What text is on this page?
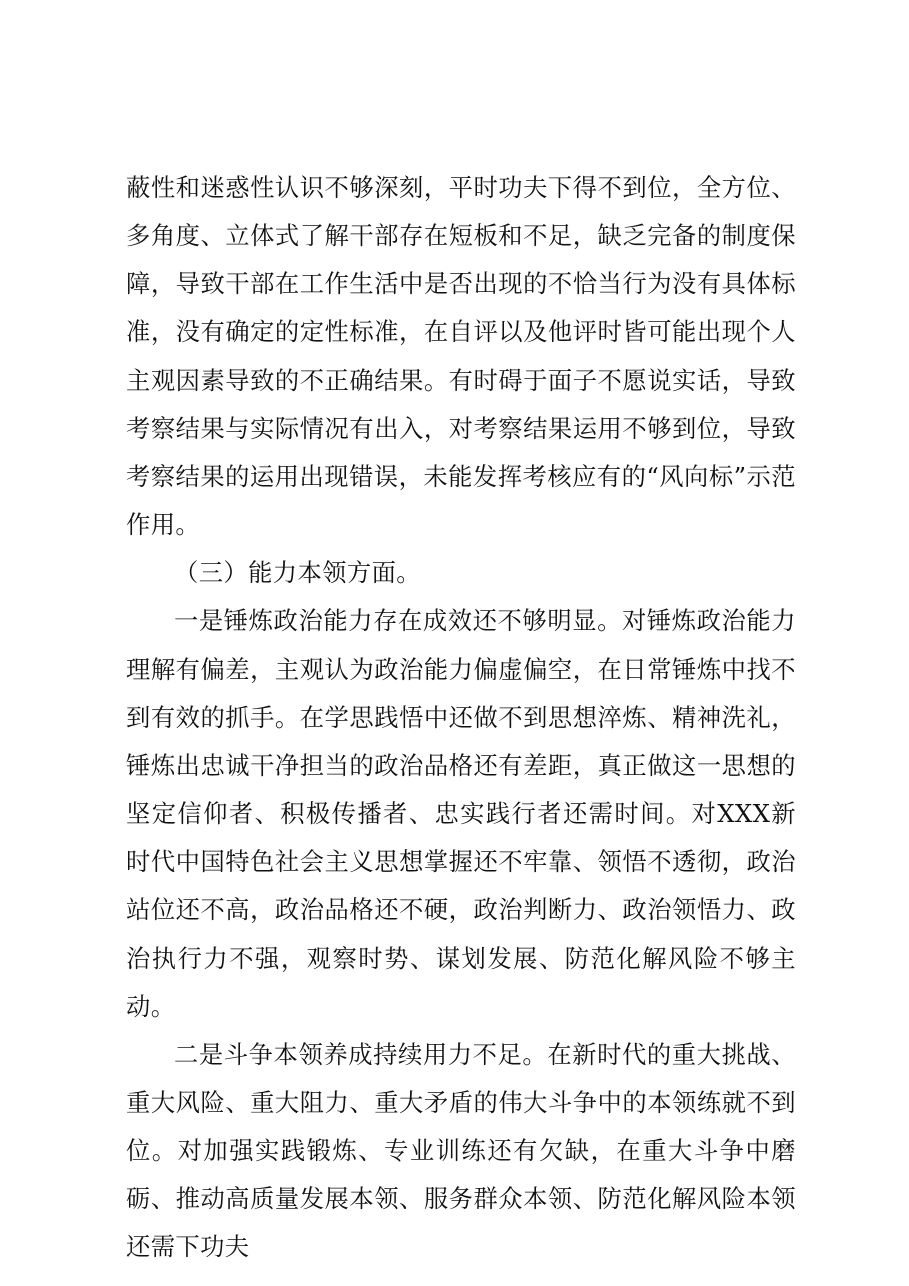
蔽性和迷惑性认识不够深刻，平时功夫下得不到位，全方位、多角度、立体式了解干部存在短板和不足，缺乏完备的制度保障，导致干部在工作生活中是否出现的不恰当行为没有具体标准，没有确定的定性标准，在自评以及他评时皆可能出现个人主观因素导致的不正确结果。有时碍于面子不愿说实话，导致考察结果与实际情况有出入，对考察结果运用不够到位，导致考察结果的运用出现错误，未能发挥考核应有的“风向标”示范作用。

（三）能力本领方面。

一是锤炼政治能力存在成效还不够明显。对锤炼政治能力理解有偏差，主观认为政治能力偏虚偏空，在日常锤炼中找不到有效的抓手。在学思践悟中还做不到思想淬炼、精神洗礼，锤炼出忠诚干净担当的政治品格还有差距，真正做这一思想的坚定信仰者、积极传播者、忠实践行者还需时间。对XXX新时代中国特色社会主义思想掌握还不牢靠、领悟不透彻，政治站位还不高，政治品格还不硬，政治判断力、政治领悟力、政治执行力不强，观察时势、谋划发展、防范化解风险不够主动。

二是斗争本领养成持续用力不足。在新时代的重大挑战、重大风险、重大阻力、重大矛盾的伟大斗争中的本领练就不到位。对加强实践锻炼、专业训练还有欠缺，在重大斗争中磨砺、推动高质量发展本领、服务群众本领、防范化解风险本领还需下功夫
